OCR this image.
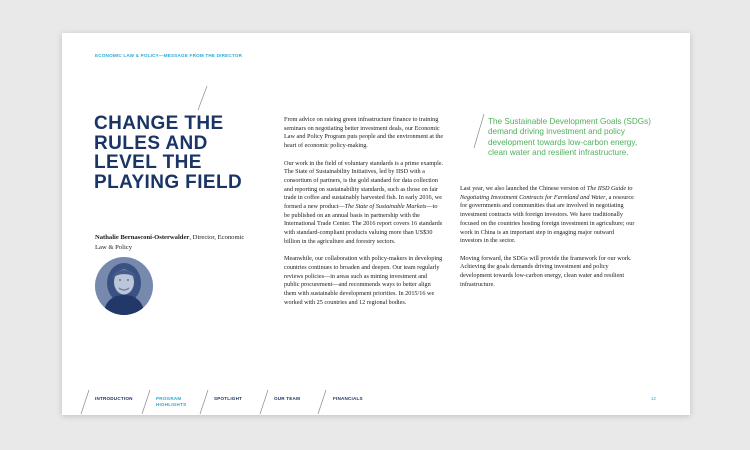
ECONOMIC LAW & POLICY—MESSAGE FROM THE DIRECTOR
CHANGE THE
RULES AND
LEVEL THE
PLAYING FIELD
Nathalie Bernasconi-Osterwalder, Director, Economic Law & Policy

From advice on raising green infrastructure finance to training seminars on negotiating better investment deals, our Economic Law and Policy Program puts people and the environment at the heart of economic policy-making.

Our work in the field of voluntary standards is a prime example. The State of Sustainability Initiatives, led by IISD with a consortium of partners, is the gold standard for data collection and reporting on sustainability standards, such as those on fair trade in coffee and sustainably harvested fish. In early 2016, we formed a new product—The State of Sustainable Markets—to be published on an annual basis in partnership with the International Trade Center. The 2016 report covers 16 standards with standard-compliant products valuing more than US$30 billion in the agriculture and forestry sectors.

Meanwhile, our collaboration with policy-makers in developing countries continues to broaden and deepen. Our team regularly reviews policies—in areas such as mining investment and public procurement—and recommends ways to better align them with sustainable development priorities. In 2015/16 we worked with 25 countries and 12 regional bodies.

The Sustainable Development Goals (SDGs) demand driving investment and policy development towards low-carbon energy, clean water and resilient infrastructure.

Last year, we also launched the Chinese version of The IISD Guide to Negotiating Investment Contracts for Farmland and Water, a resource for governments and communities that are involved in negotiating investment contracts with foreign investors. We have traditionally focused on the countries hosting foreign investment in agriculture; our work in China is an important step in engaging major outward investors in the sector.

Moving forward, the SDGs will provide the framework for our work. Achieving the goals demands driving investment and policy development towards low-carbon energy, clean water and resilient infrastructure.

INTRODUCTION	PROGRAM
HIGHLIGHTS
SPOTLIGHT	OUR TEAM	FINANCIALS	12
